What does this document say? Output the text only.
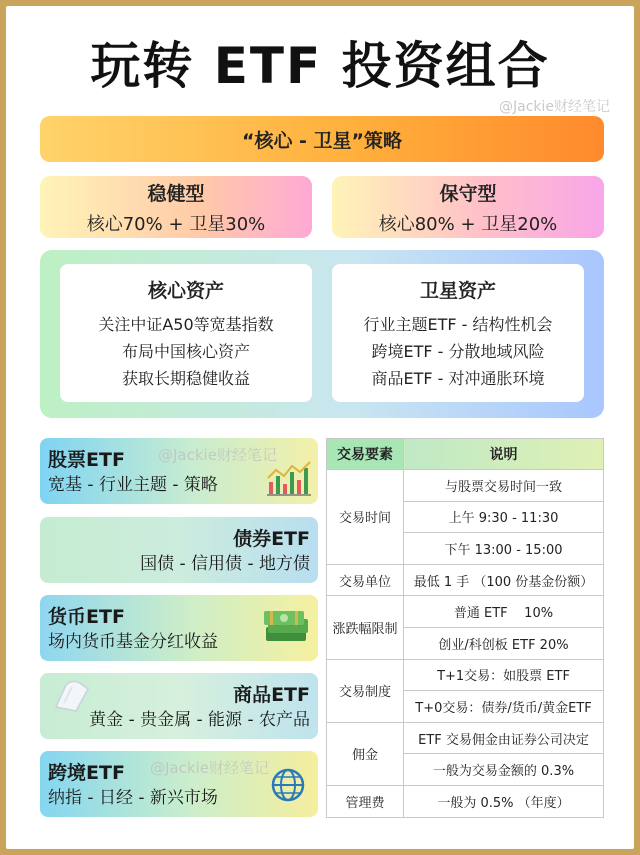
玩转 ETF 投资组合
@Jackie财经笔记
“核心 - 卫星”策略
稳健型
核心70% + 卫星30%
保守型
核心80% + 卫星20%
核心资产
关注中证A50等宽基指数
布局中国核心资产
获取长期稳健收益
卫星资产
行业主题ETF - 结构性机会
跨境ETF - 分散地域风险
商品ETF - 对冲通胀环境
股票ETF
宽基 - 行业主题 - 策略
@Jackie财经笔记
债券ETF
国债 - 信用债 - 地方债
货币ETF
场内货币基金分红收益
商品ETF
黄金 - 贵金属 - 能源 - 农产品
跨境ETF
纳指 - 日经 - 新兴市场
@Jackie财经笔记
交易要素	说明
交易时间	与股票交易时间一致
	上午 9:30 - 11:30
	下午 13:00 - 15:00
交易单位	最低 1 手 （100 份基金份额）
涨跌幅限制	普通 ETF    10%
	创业/科创板 ETF 20%
交易制度	T+1交易：如股票 ETF
	T+0交易：债券/货币/黄金ETF
佣金	ETF 交易佣金由证券公司决定
	一般为交易金额的 0.3%
管理费	一般为 0.5% （年度）
